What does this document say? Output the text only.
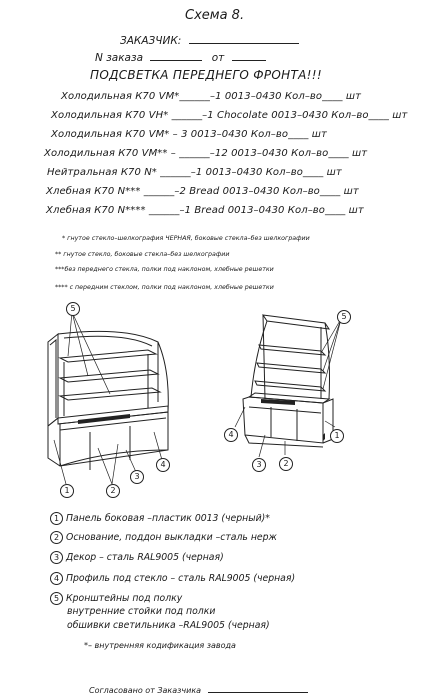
Схема 8.
ЗАКАЗЧИК:
N заказа	от
ПОДСВЕТКА ПЕРЕДНЕГО ФРОНТА!!!
Холодильная К70 VM*______–1 0013–0430 Кол–во____ шт
Холодильная К70 VH* ______–1 Chocolate 0013–0430 Кол–во____ шт
Холодильная К70 VM* – 3 0013–0430 Кол–во____ шт
Холодильная К70 VM** – ______–12 0013–0430 Кол–во____ шт
Нейтральная К70 N* ______–1 0013–0430 Кол–во____ шт
Хлебная К70 N*** ______–2 Bread 0013–0430 Кол–во____ шт
Хлебная К70 N**** ______–1 Bread 0013–0430 Кол–во____ шт
* гнутое стекло–шелкография ЧЕРНАЯ, боковые стекла–без шелкографии
** гнутое стекло, боковые стекла–без шелкографии
***без переднего стекла, полки под наклоном, хлебные решетки
**** с передним стеклом, полки под наклоном, хлебные решетки
5
1	2
3
4
5
4
3	2
1
1 Панель боковая –пластик 0013 (черный)*
2 Основание, поддон выкладки –сталь нерж
3 Декор – сталь RAL9005 (черная)
4 Профиль под стекло – сталь RAL9005 (черная)
5 Кронштейны под полку
внутренние стойки под полки
обшивки светильника –RAL9005 (черная)
*– внутренняя кодификация завода
Согласовано от Заказчика
